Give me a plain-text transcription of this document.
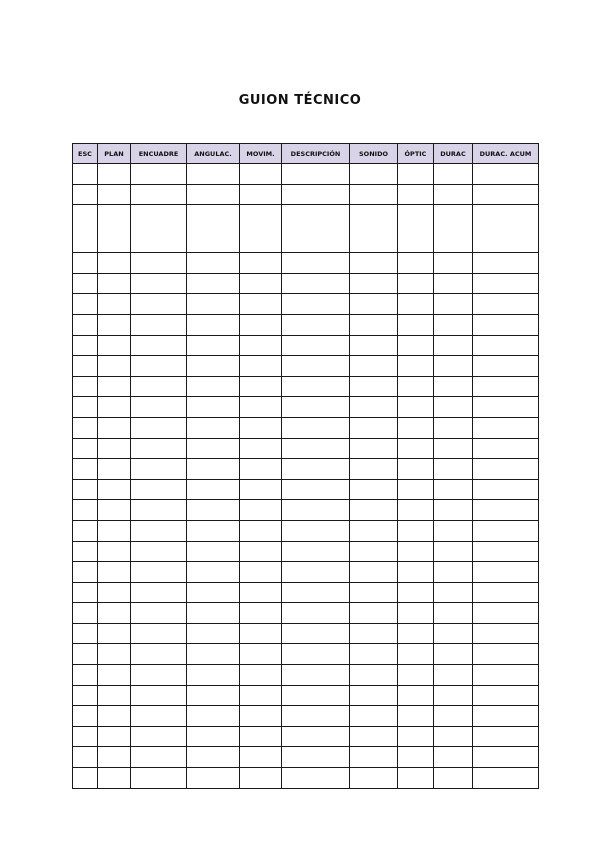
GUION TÉCNICO
ESC	PLAN	ENCUADRE	ANGULAC.	MOVIM.	DESCRIPCIÓN	SONIDO	ÓPTIC	DURAC	DURAC. ACUM
